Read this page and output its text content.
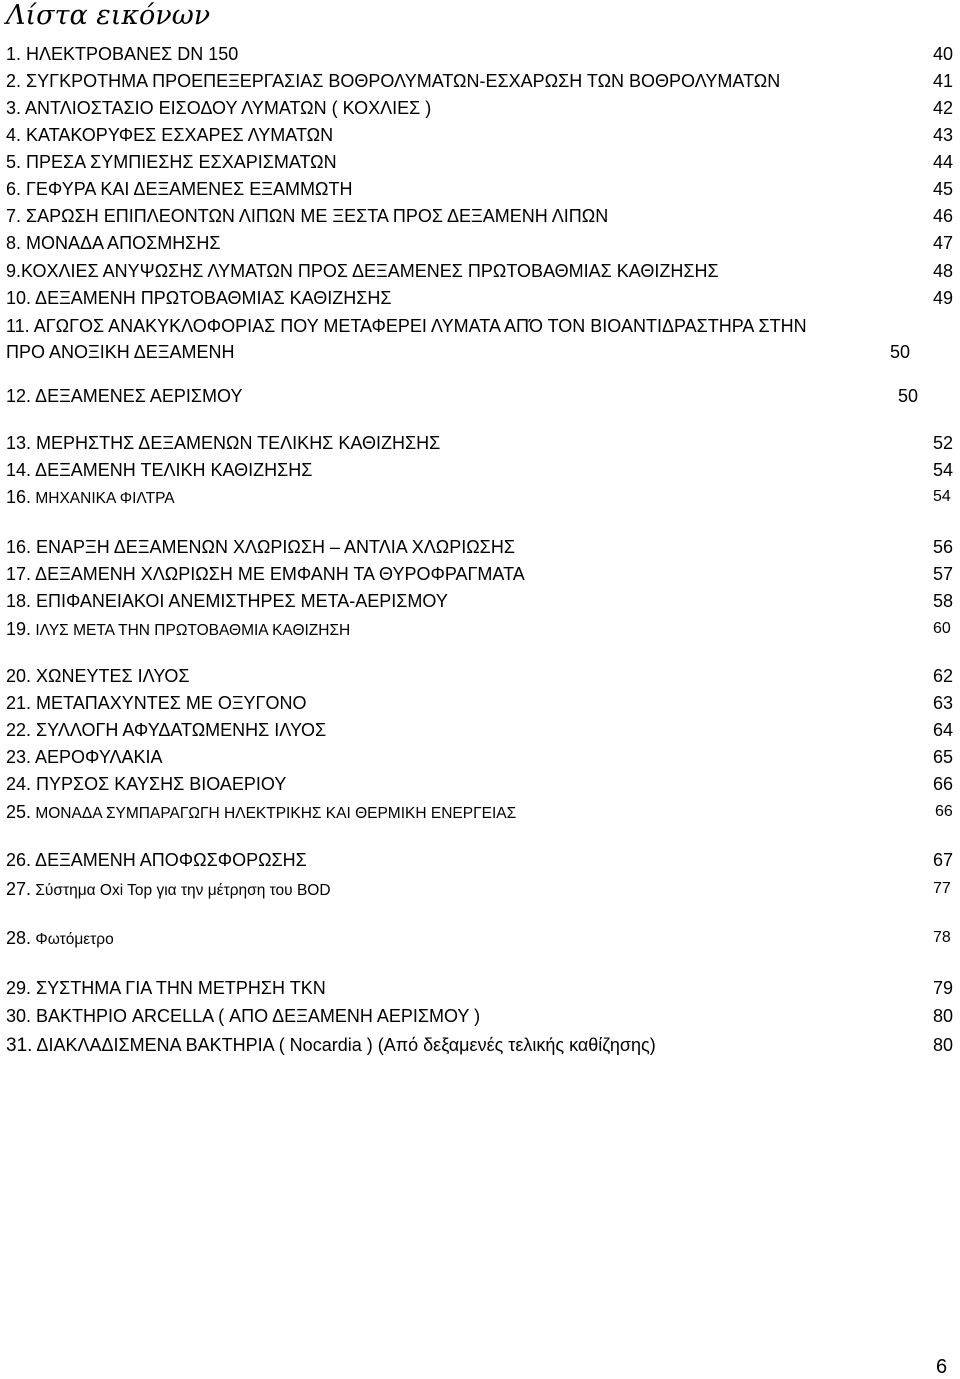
Λίστα εικόνων
1. ΗΛΕΚΤΡΟΒΑΝΕΣ DN 150	40
2. ΣΥΓΚΡΟΤΗΜΑ ΠΡΟΕΠΕΞΕΡΓΑΣΙΑΣ ΒΟΘΡΟΛΥΜΑΤΩΝ-ΕΣΧΑΡΩΣΗ ΤΩΝ ΒΟΘΡΟΛΥΜΑΤΩΝ	41
3. ΑΝΤΛΙΟΣΤΑΣΙΟ ΕΙΣΟΔΟΥ ΛΥΜΑΤΩΝ ( ΚΟΧΛΙΕΣ )	42
4. ΚΑΤΑΚΟΡΥΦΕΣ ΕΣΧΑΡΕΣ ΛΥΜΑΤΩΝ	43
5. ΠΡΕΣΑ ΣΥΜΠΙΕΣΗΣ ΕΣΧΑΡΙΣΜΑΤΩΝ	44
6. ΓΕΦΥΡΑ ΚΑΙ ΔΕΞΑΜΕΝΕΣ ΕΞΑΜΜΩΤΗ	45
7. ΣΑΡΩΣΗ ΕΠΙΠΛΕΟΝΤΩΝ ΛΙΠΩΝ ΜΕ ΞΕΣΤΑ ΠΡΟΣ ΔΕΞΑΜΕΝΗ ΛΙΠΩΝ	46
8. ΜΟΝΑΔΑ ΑΠΟΣΜΗΣΗΣ	47
9.ΚΟΧΛΙΕΣ ΑΝΥΨΩΣΗΣ ΛΥΜΑΤΩΝ ΠΡΟΣ ΔΕΞΑΜΕΝΕΣ ΠΡΩΤΟΒΑΘΜΙΑΣ ΚΑΘΙΖΗΣΗΣ	48
10. ΔΕΞΑΜΕΝΗ ΠΡΩΤΟΒΑΘΜΙΑΣ ΚΑΘΙΖΗΣΗΣ	49
11. ΑΓΩΓΟΣ ΑΝΑΚΥΚΛΟΦΟΡΙΑΣ ΠΟΥ ΜΕΤΑΦΕΡΕΙ ΛΥΜΑΤΑ ΑΠΌ ΤΟΝ ΒΙΟΑΝΤΙΔΡΑΣΤΗΡΑ ΣΤΗΝ
ΠΡΟ ΑΝΟΞΙΚΗ ΔΕΞΑΜΕΝΗ	50
12. ΔΕΞΑΜΕΝΕΣ ΑΕΡΙΣΜΟΥ	50
13. ΜΕΡΗΣΤΗΣ ΔΕΞΑΜΕΝΩΝ ΤΕΛΙΚΗΣ ΚΑΘΙΖΗΣΗΣ	52
14. ΔΕΞΑΜΕΝΗ ΤΕΛΙΚΗ ΚΑΘΙΖΗΣΗΣ	54
16. ΜΗΧΑΝΙΚΑ ΦΙΛΤΡΑ	54
16. ΕΝΑΡΞΗ ΔΕΞΑΜΕΝΩΝ ΧΛΩΡΙΩΣΗ – ΑΝΤΛΙΑ ΧΛΩΡΙΩΣΗΣ	56
17. ΔΕΞΑΜΕΝΗ ΧΛΩΡΙΩΣΗ ΜΕ ΕΜΦΑΝΗ ΤΑ ΘΥΡΟΦΡΑΓΜΑΤΑ	57
18. ΕΠΙΦΑΝΕΙΑΚΟΙ ΑΝΕΜΙΣΤΗΡΕΣ ΜΕΤΑ-ΑΕΡΙΣΜΟΥ	58
19. ΙΛΥΣ ΜΕΤΑ ΤΗΝ ΠΡΩΤΟΒΑΘΜΙΑ ΚΑΘΙΖΗΣΗ	60
20. ΧΩΝΕΥΤΕΣ ΙΛΥΟΣ	62
21. ΜΕΤΑΠΑΧΥΝΤΕΣ ΜΕ ΟΞΥΓΟΝΟ	63
22. ΣΥΛΛΟΓΗ ΑΦΥΔΑΤΩΜΕΝΗΣ ΙΛΥΟΣ	64
23. ΑΕΡΟΦΥΛΑΚΙΑ	65
24. ΠΥΡΣΟΣ ΚΑΥΣΗΣ ΒΙΟΑΕΡΙΟΥ	66
25. ΜΟΝΑΔΑ ΣΥΜΠΑΡΑΓΩΓΗ ΗΛΕΚΤΡΙΚΗΣ ΚΑΙ ΘΕΡΜΙΚΗ ΕΝΕΡΓΕΙΑΣ	66
26. ΔΕΞΑΜΕΝΗ ΑΠΟΦΩΣΦΟΡΩΣΗΣ	67
27. Σύστημα Oxi Top για την μέτρηση του BOD	77
28. Φωτόμετρο	78
29. ΣΥΣΤΗΜΑ ΓΙΑ ΤΗΝ ΜΕΤΡΗΣΗ ΤΚΝ	79
30. ΒΑΚΤΗΡΙΟ ARCELLA ( ΑΠΟ ΔΕΞΑΜΕΝΗ ΑΕΡΙΣΜΟΥ )	80
31. ΔΙΑΚΛΑΔΙΣΜΕΝΑ ΒΑΚΤΗΡΙΑ ( Nocardia ) (Από δεξαμενές τελικής καθίζησης)	80
6
